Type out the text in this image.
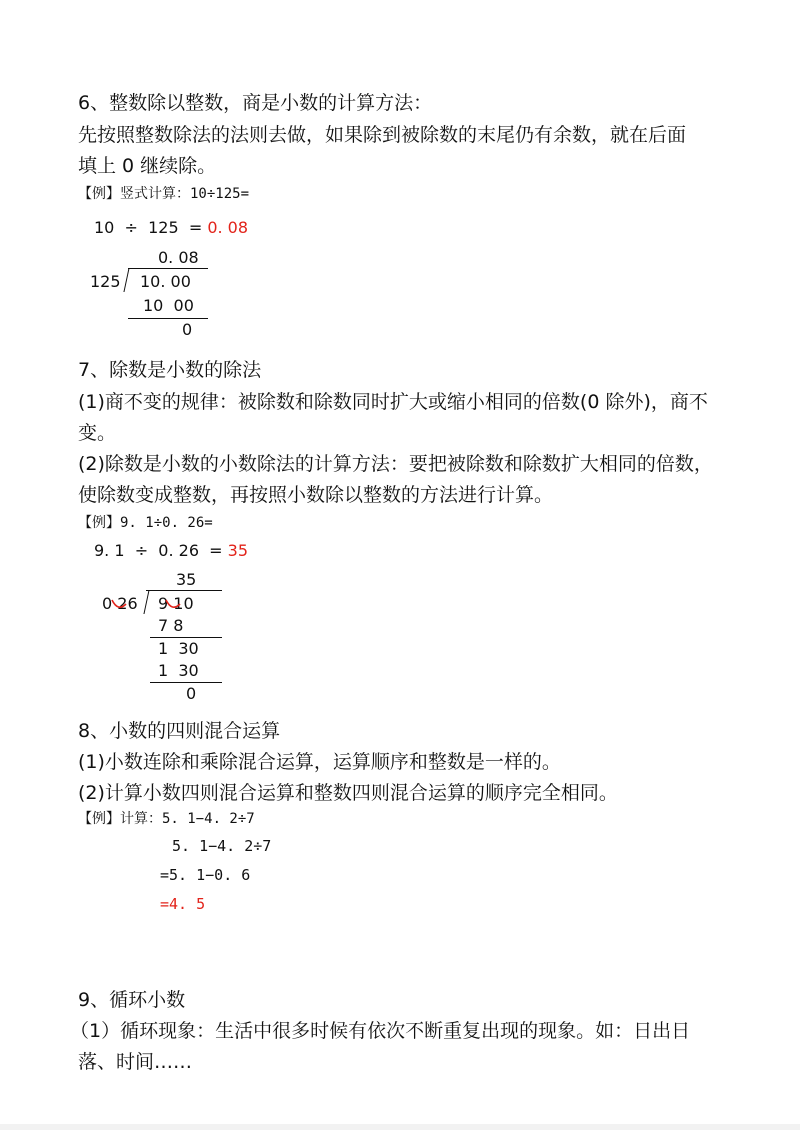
6、整数除以整数，商是小数的计算方法：
先按照整数除法的法则去做，如果除到被除数的末尾仍有余数，就在后面
填上 0 继续除。
【例】竖式计算：10÷125=
10  ÷  125  = 0. 08
0. 08
125 10. 00
10  00
0
7、除数是小数的除法
(1)商不变的规律：被除数和除数同时扩大或缩小相同的倍数(0 除外)，商不
变。
(2)除数是小数的小数除法的计算方法：要把被除数和除数扩大相同的倍数，
使除数变成整数，再按照小数除以整数的方法进行计算。
【例】9. 1÷0. 26=
9. 1  ÷  0. 26  = 35
35
0 26 9 10
7 8
1  30
1  30
0
8、小数的四则混合运算
(1)小数连除和乘除混合运算，运算顺序和整数是一样的。
(2)计算小数四则混合运算和整数四则混合运算的顺序完全相同。
【例】计算：5. 1−4. 2÷7
5. 1−4. 2÷7
=5. 1−0. 6
=4. 5
9、循环小数
（1）循环现象：生活中很多时候有依次不断重复出现的现象。如：日出日
落、时间……
